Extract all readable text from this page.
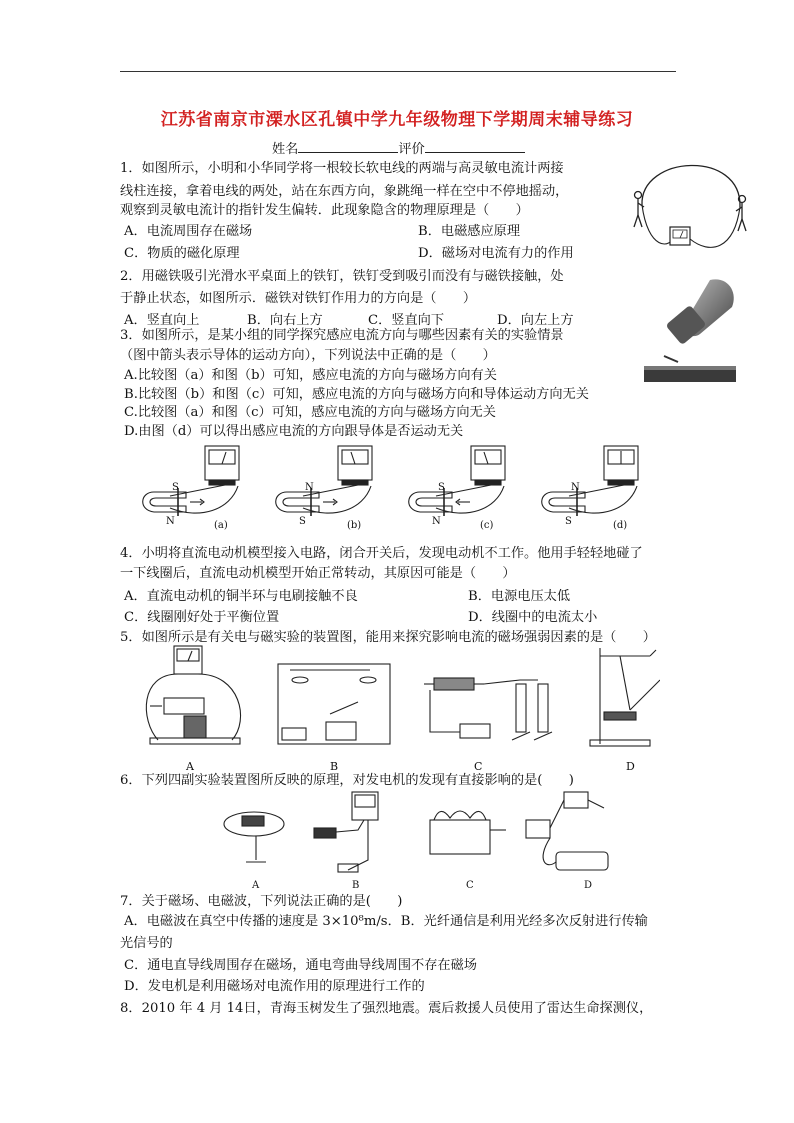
江苏省南京市溧水区孔镇中学九年级物理下学期周末辅导练习
姓名	评价
1．如图所示，小明和小华同学将一根较长软电线的两端与高灵敏电流计两接
线柱连接，拿着电线的两处，站在东西方向，象跳绳一样在空中不停地摇动，
观察到灵敏电流计的指针发生偏转．此现象隐含的物理原理是（　　）
A．电流周围存在磁场	B．电磁感应原理
C．物质的磁化原理	D．磁场对电流有力的作用
2．用磁铁吸引光滑水平桌面上的铁钉，铁钉受到吸引而没有与磁铁接触，处
于静止状态，如图所示．磁铁对铁钉作用力的方向是（　　）
A．竖直向上	B．向右上方	C．竖直向下	D．向左上方
3．如图所示，是某小组的同学探究感应电流方向与哪些因素有关的实验情景
（图中箭头表示导体的运动方向），下列说法中正确的是（　　）
A.比较图（a）和图（b）可知，感应电流的方向与磁场方向有关
B.比较图（b）和图（c）可知，感应电流的方向与磁场方向和导体运动方向无关
C.比较图（a）和图（c）可知，感应电流的方向与磁场方向无关
D.由图（d）可以得出感应电流的方向跟导体是否运动无关
S
N
N
S
S
N
N
S
(a)	(b)	(c)	(d)
4．小明将直流电动机模型接入电路，闭合开关后，发现电动机不工作。他用手轻轻地碰了
一下线圈后，直流电动机模型开始正常转动，其原因可能是（　　）
A．直流电动机的铜半环与电刷接触不良	B．电源电压太低
C．线圈刚好处于平衡位置	D．线圈中的电流太小
5．如图所示是有关电与磁实验的装置图，能用来探究影响电流的磁场强弱因素的是（　　）
A	B	C	D
6．下列四副实验装置图所反映的原理，对发电机的发现有直接影响的是(　　)
A	B	C	D
7．关于磁场、电磁波，下列说法正确的是(　　)
A．电磁波在真空中传播的速度是 3×10⁸m/s．B．光纤通信是利用光经多次反射进行传输
光信号的
C．通电直导线周围存在磁场，通电弯曲导线周围不存在磁场
D．发电机是利用磁场对电流作用的原理进行工作的
8．2010 年 4 月 14日，青海玉树发生了强烈地震。震后救援人员使用了雷达生命探测仪，
